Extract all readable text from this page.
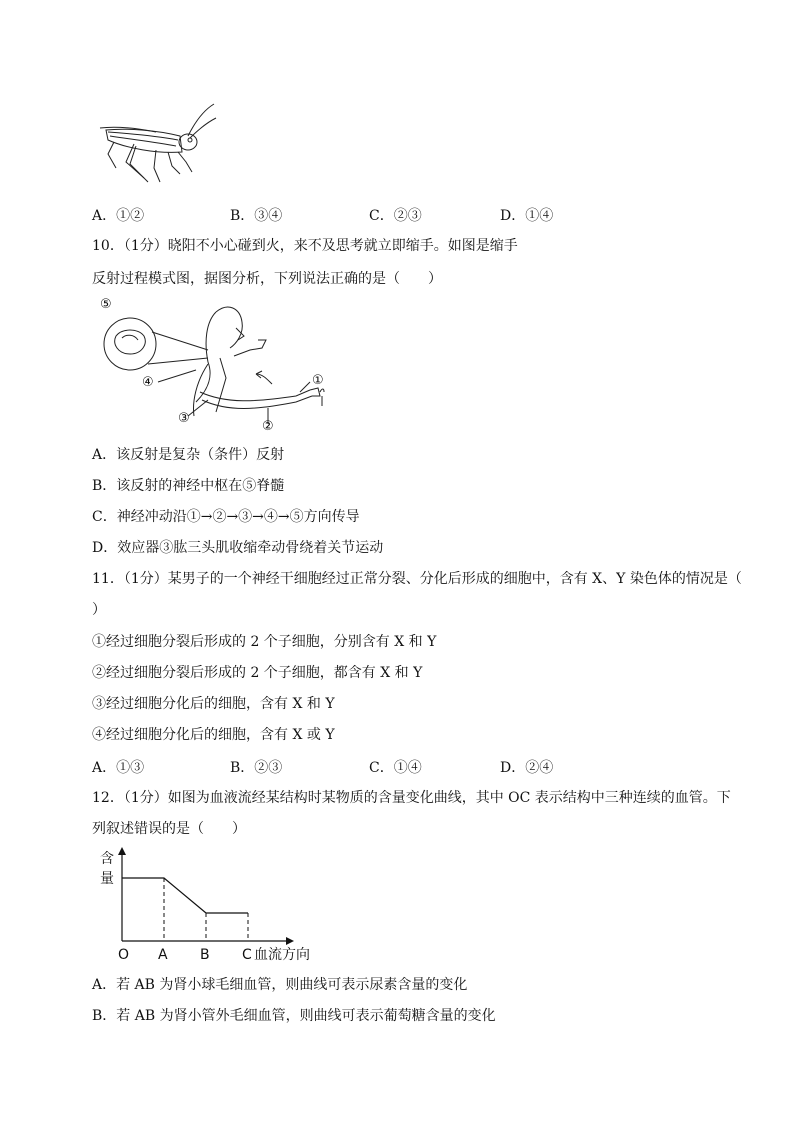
A．①②	B．③④	C．②③	D．①④
10．（1分）晓阳不小心碰到火，来不及思考就立即缩手。如图是缩手
反射过程模式图，据图分析，下列说法正确的是（　　）
⑤
④
③
②
①
A．该反射是复杂（条件）反射
B．该反射的神经中枢在⑤脊髓
C．神经冲动沿①→②→③→④→⑤方向传导
D．效应器③肱三头肌收缩牵动骨绕着关节运动
11．（1分）某男子的一个神经干细胞经过正常分裂、分化后形成的细胞中，含有 X、Y 染色体的情况是（
）
①经过细胞分裂后形成的 2 个子细胞，分别含有 X 和 Y
②经过细胞分裂后形成的 2 个子细胞，都含有 X 和 Y
③经过细胞分化后的细胞，含有 X 和 Y
④经过细胞分化后的细胞，含有 X 或 Y
A．①③	B．②③	C．①④	D．②④
12．（1分）如图为血液流经某结构时某物质的含量变化曲线，其中 OC 表示结构中三种连续的血管。下
列叙述错误的是（　　）
含
量
O A B C 血流方向
A．若 AB 为肾小球毛细血管，则曲线可表示尿素含量的变化
B．若 AB 为肾小管外毛细血管，则曲线可表示葡萄糖含量的变化
